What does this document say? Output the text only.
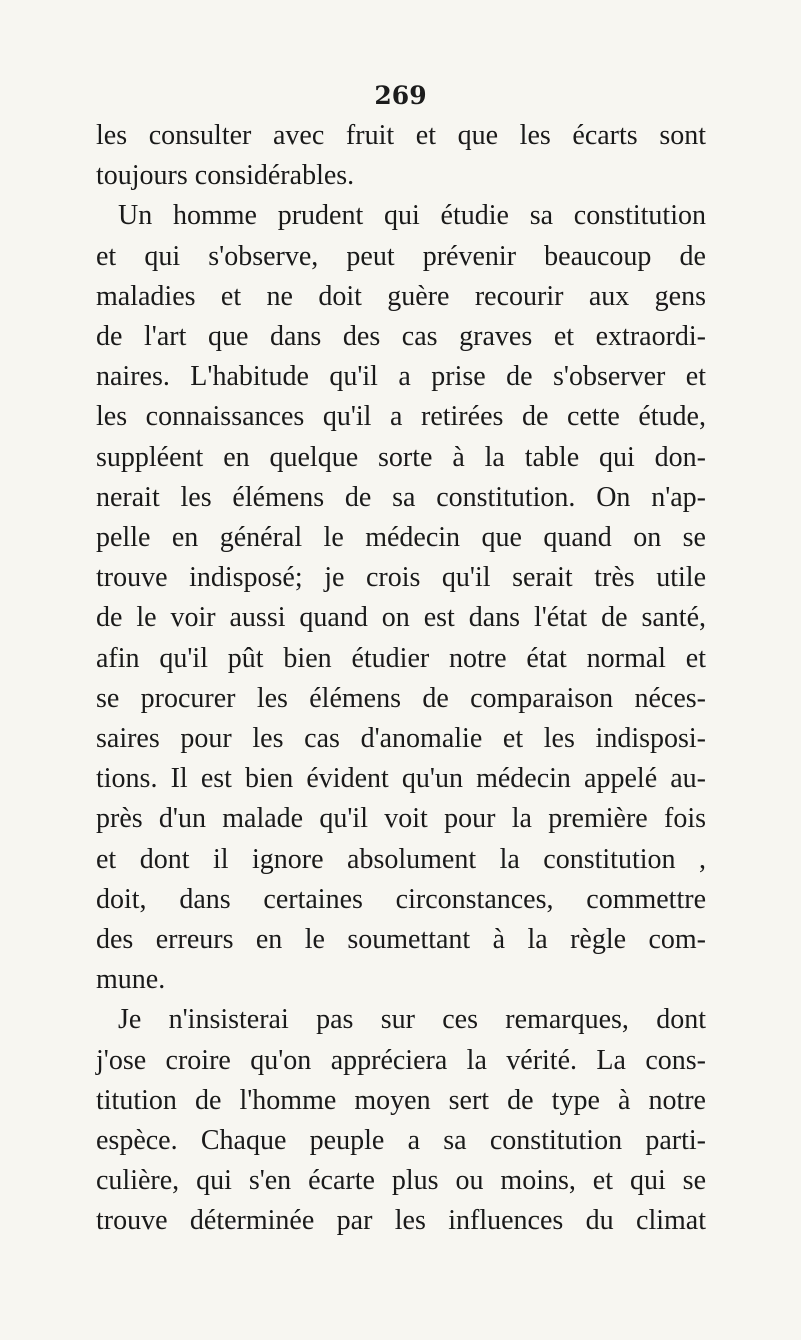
269
les consulter avec fruit et que les écarts sont
toujours considérables.
Un homme prudent qui étudie sa constitution
et qui s'observe, peut prévenir beaucoup de
maladies et ne doit guère recourir aux gens
de l'art que dans des cas graves et extraordi-
naires. L'habitude qu'il a prise de s'observer et
les connaissances qu'il a retirées de cette étude,
suppléent en quelque sorte à la table qui don-
nerait les élémens de sa constitution. On n'ap-
pelle en général le médecin que quand on se
trouve indisposé; je crois qu'il serait très utile
de le voir aussi quand on est dans l'état de santé,
afin qu'il pût bien étudier notre état normal et
se procurer les élémens de comparaison néces-
saires pour les cas d'anomalie et les indisposi-
tions. Il est bien évident qu'un médecin appelé au-
près d'un malade qu'il voit pour la première fois
et dont il ignore absolument la constitution ,
doit, dans certaines circonstances, commettre
des erreurs en le soumettant à la règle com-
mune.
Je n'insisterai pas sur ces remarques, dont
j'ose croire qu'on appréciera la vérité. La cons-
titution de l'homme moyen sert de type à notre
espèce. Chaque peuple a sa constitution parti-
culière, qui s'en écarte plus ou moins, et qui se
trouve déterminée par les influences du climat
